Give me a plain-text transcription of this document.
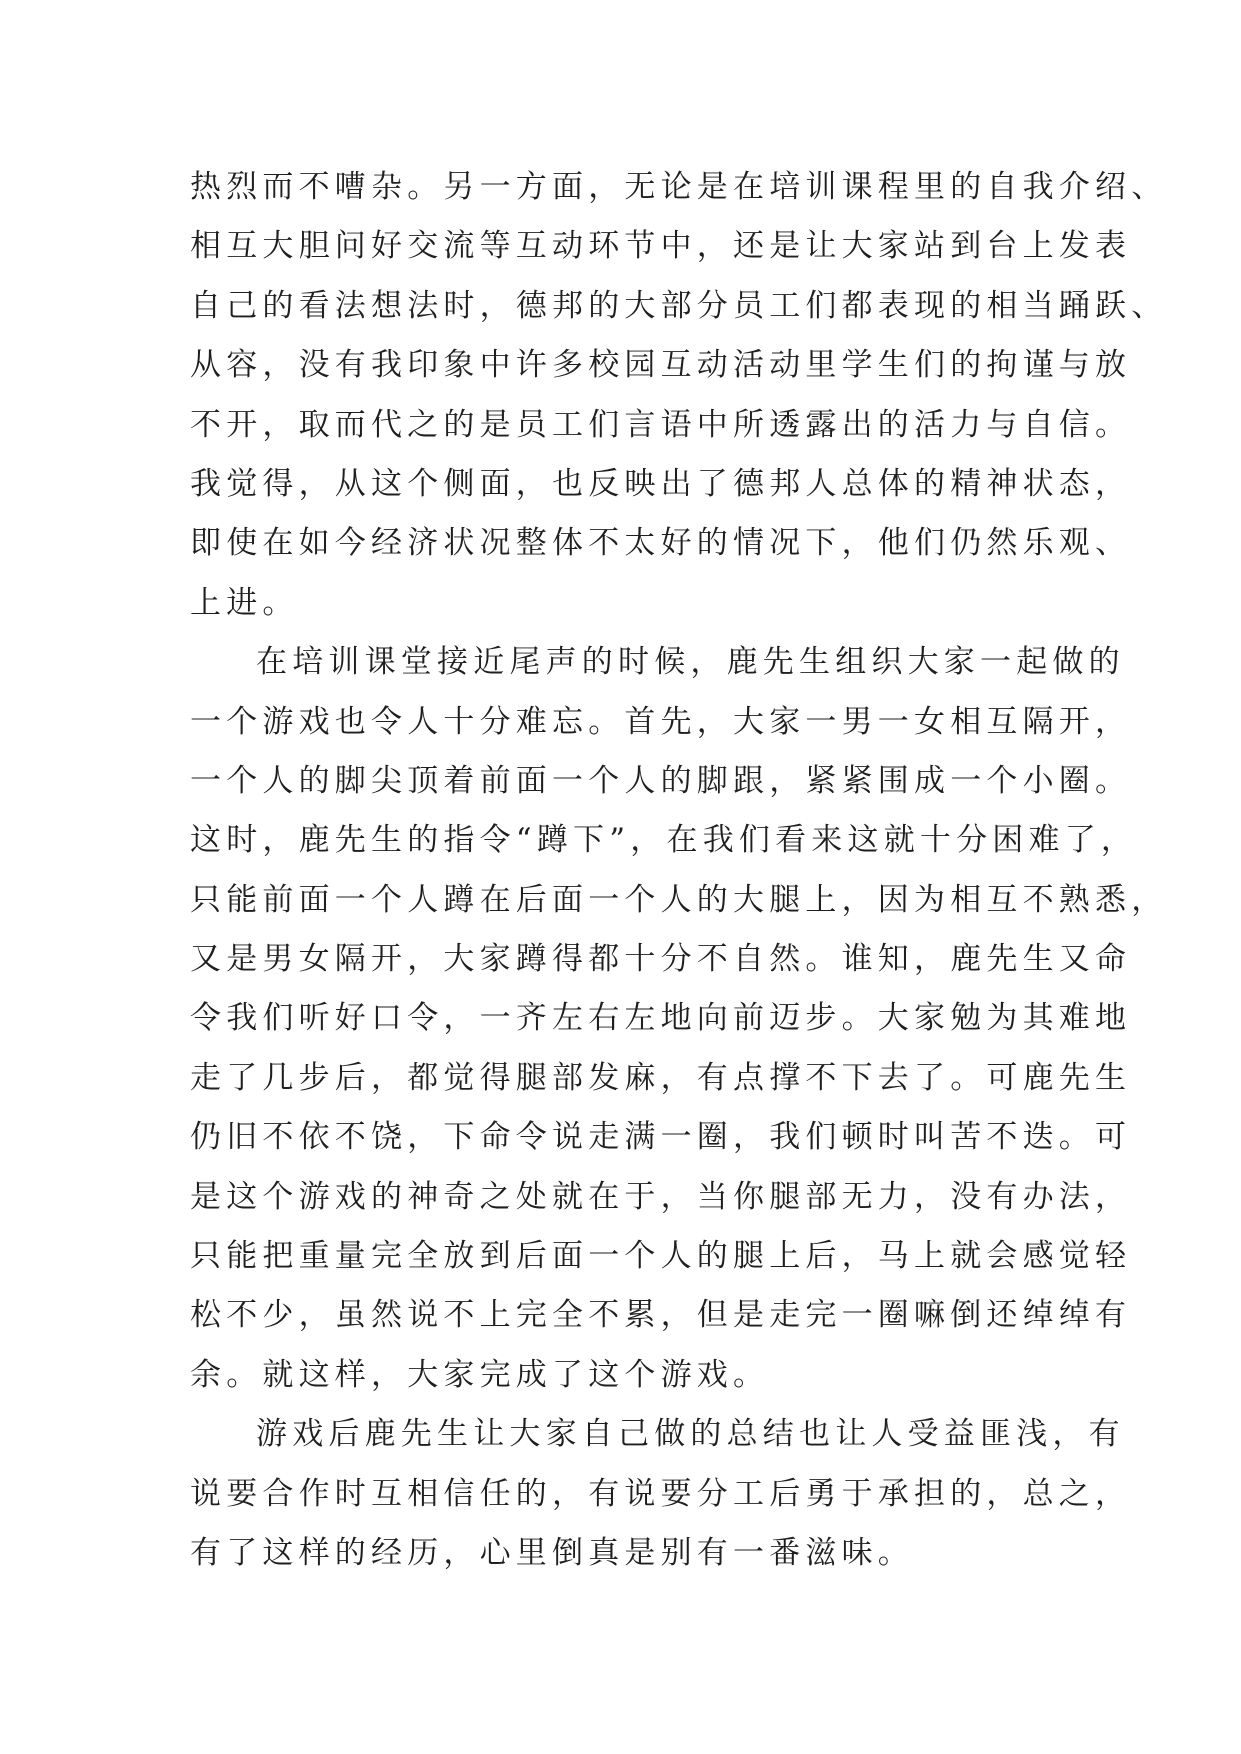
热烈而不嘈杂。另一方面，无论是在培训课程里的自我介绍、
相互大胆问好交流等互动环节中，还是让大家站到台上发表
自己的看法想法时，德邦的大部分员工们都表现的相当踊跃、
从容，没有我印象中许多校园互动活动里学生们的拘谨与放
不开，取而代之的是员工们言语中所透露出的活力与自信。
我觉得，从这个侧面，也反映出了德邦人总体的精神状态，
即使在如今经济状况整体不太好的情况下，他们仍然乐观、
上进。
在培训课堂接近尾声的时候，鹿先生组织大家一起做的
一个游戏也令人十分难忘。首先，大家一男一女相互隔开，
一个人的脚尖顶着前面一个人的脚跟，紧紧围成一个小圈。
这时，鹿先生的指令“蹲下”，在我们看来这就十分困难了，
只能前面一个人蹲在后面一个人的大腿上，因为相互不熟悉，
又是男女隔开，大家蹲得都十分不自然。谁知，鹿先生又命
令我们听好口令，一齐左右左地向前迈步。大家勉为其难地
走了几步后，都觉得腿部发麻，有点撑不下去了。可鹿先生
仍旧不依不饶，下命令说走满一圈，我们顿时叫苦不迭。可
是这个游戏的神奇之处就在于，当你腿部无力，没有办法，
只能把重量完全放到后面一个人的腿上后，马上就会感觉轻
松不少，虽然说不上完全不累，但是走完一圈嘛倒还绰绰有
余。就这样，大家完成了这个游戏。
游戏后鹿先生让大家自己做的总结也让人受益匪浅，有
说要合作时互相信任的，有说要分工后勇于承担的，总之，
有了这样的经历，心里倒真是别有一番滋味。
